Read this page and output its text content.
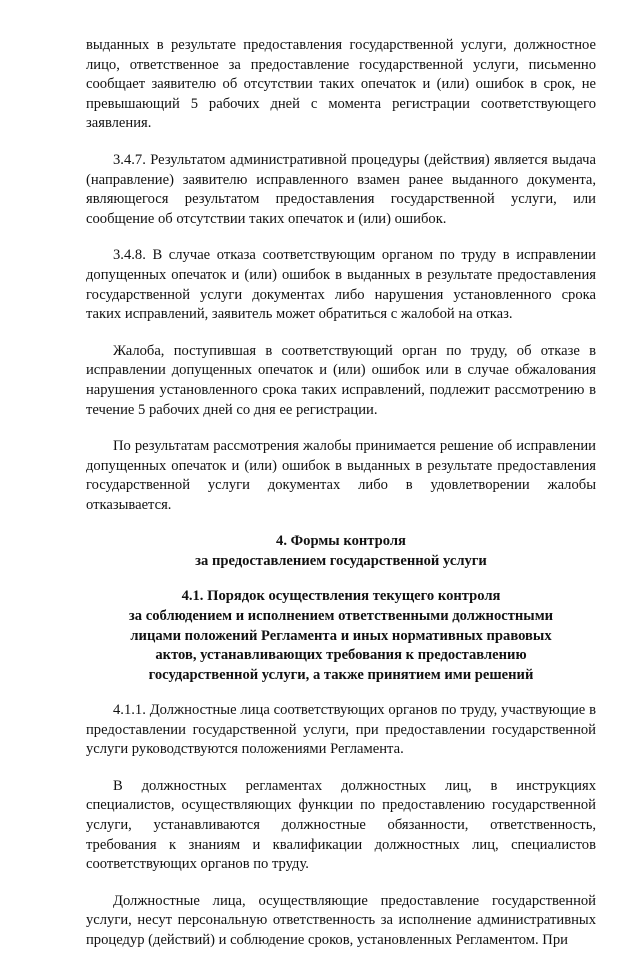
выданных в результате предоставления государственной услуги, должностное лицо, ответственное за предоставление государственной услуги, письменно сообщает заявителю об отсутствии таких опечаток и (или) ошибок в срок, не превышающий 5 рабочих дней с момента регистрации соответствующего заявления.

3.4.7. Результатом административной процедуры (действия) является выдача (направление) заявителю исправленного взамен ранее выданного документа, являющегося результатом предоставления государственной услуги, или сообщение об отсутствии таких опечаток и (или) ошибок.

3.4.8. В случае отказа соответствующим органом по труду в исправлении допущенных опечаток и (или) ошибок в выданных в результате предоставления государственной услуги документах либо нарушения установленного срока таких исправлений, заявитель может обратиться с жалобой на отказ.

Жалоба, поступившая в соответствующий орган по труду, об отказе в исправлении допущенных опечаток и (или) ошибок или в случае обжалования нарушения установленного срока таких исправлений, подлежит рассмотрению в течение 5 рабочих дней со дня ее регистрации.

По результатам рассмотрения жалобы принимается решение об исправлении допущенных опечаток и (или) ошибок в выданных в результате предоставления государственной услуги документах либо в удовлетворении жалобы отказывается.

4. Формы контроля
за предоставлением государственной услуги
4.1. Порядок осуществления текущего контроля
за соблюдением и исполнением ответственными должностными
лицами положений Регламента и иных нормативных правовых
актов, устанавливающих требования к предоставлению
государственной услуги, а также принятием ими решений

4.1.1. Должностные лица соответствующих органов по труду, участвующие в предоставлении государственной услуги, при предоставлении государственной услуги руководствуются положениями Регламента.

В должностных регламентах должностных лиц, в инструкциях специалистов, осуществляющих функции по предоставлению государственной услуги, устанавливаются должностные обязанности, ответственность, требования к знаниям и квалификации должностных лиц, специалистов соответствующих органов по труду.

Должностные лица, осуществляющие предоставление государственной услуги, несут персональную ответственность за исполнение административных процедур (действий) и соблюдение сроков, установленных Регламентом. При
